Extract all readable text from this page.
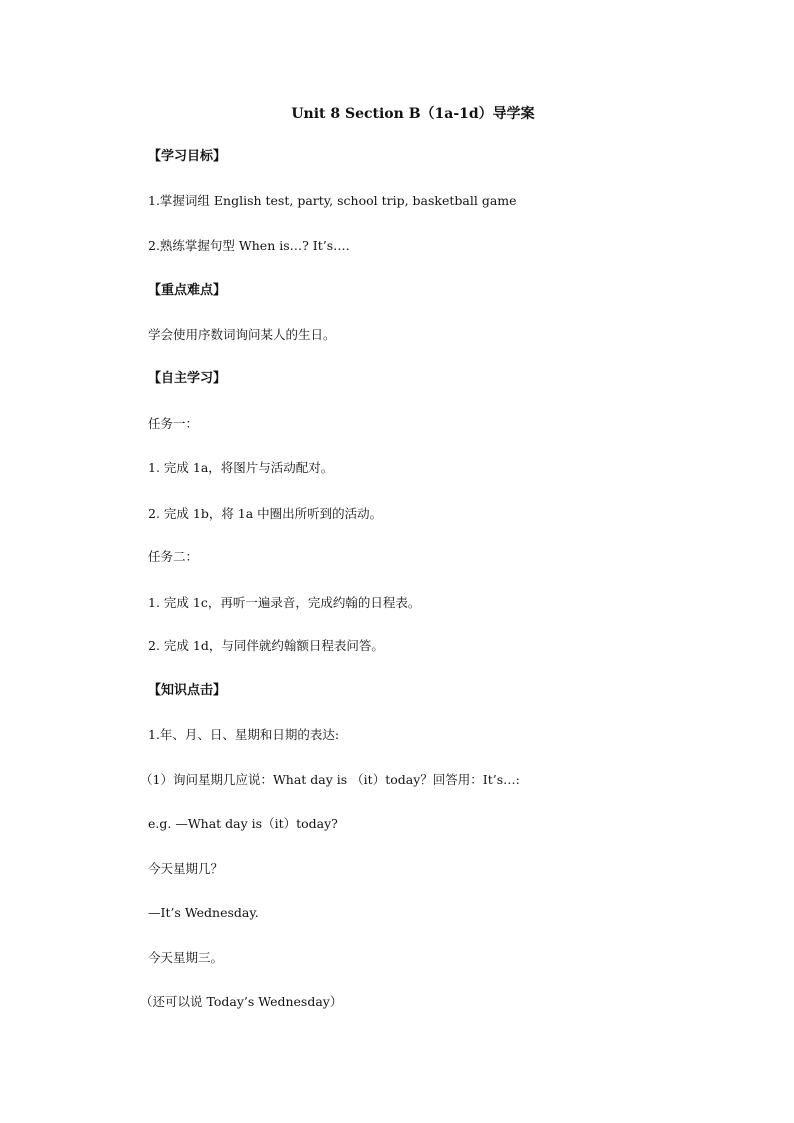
Unit 8 Section B（1a-1d）导学案
【学习目标】
1.掌握词组 English test, party, school trip, basketball game
2.熟练掌握句型 When is…? It’s….
【重点难点】
学会使用序数词询问某人的生日。
【自主学习】
任务一：
1. 完成 1a，将图片与活动配对。
2. 完成 1b，将 1a 中圈出所听到的活动。
任务二：
1. 完成 1c，再听一遍录音，完成约翰的日程表。
2. 完成 1d，与同伴就约翰额日程表问答。
【知识点击】
1.年、月、日、星期和日期的表达:
（1）询问星期几应说：What day is （it）today？回答用：It’s…:
e.g. —What day is（it）today?
今天星期几？
—It’s Wednesday.
今天星期三。
（还可以说 Today’s Wednesday）
